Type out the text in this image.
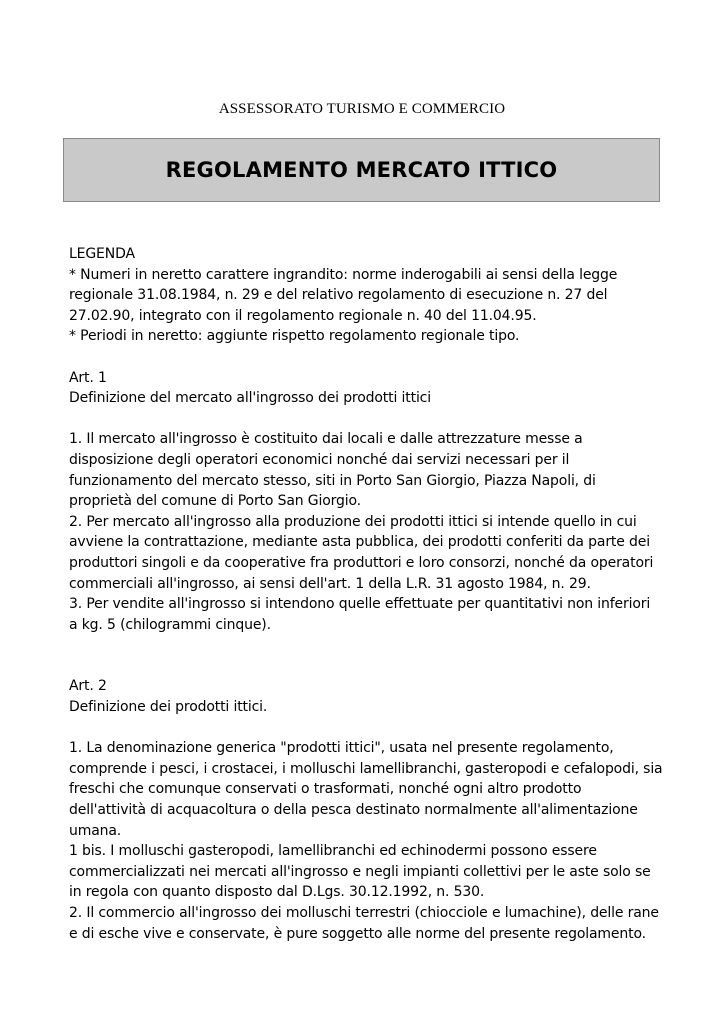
ASSESSORATO TURISMO E COMMERCIO
REGOLAMENTO MERCATO ITTICO
LEGENDA
* Numeri in neretto carattere ingrandito: norme inderogabili ai sensi della legge
regionale 31.08.1984, n. 29 e del relativo regolamento di esecuzione n. 27 del
27.02.90, integrato con il regolamento regionale n. 40 del 11.04.95.
* Periodi in neretto: aggiunte rispetto regolamento regionale tipo.
Art. 1
Definizione del mercato all'ingrosso dei prodotti ittici
1. Il mercato all'ingrosso è costituito dai locali e dalle attrezzature messe a
disposizione degli operatori economici nonché dai servizi necessari per il
funzionamento del mercato stesso, siti in Porto San Giorgio, Piazza Napoli, di
proprietà del comune di Porto San Giorgio.
2. Per mercato all'ingrosso alla produzione dei prodotti ittici si intende quello in cui
avviene la contrattazione, mediante asta pubblica, dei prodotti conferiti da parte dei
produttori singoli e da cooperative fra produttori e loro consorzi, nonché da operatori
commerciali all'ingrosso, ai sensi dell'art. 1 della L.R. 31 agosto 1984, n. 29.
3. Per vendite all'ingrosso si intendono quelle effettuate per quantitativi non inferiori
a kg. 5 (chilogrammi cinque).
Art. 2
Definizione dei prodotti ittici.
1. La denominazione generica "prodotti ittici", usata nel presente regolamento,
comprende i pesci, i crostacei, i molluschi lamellibranchi, gasteropodi e cefalopodi, sia
freschi che comunque conservati o trasformati, nonché ogni altro prodotto
dell'attività di acquacoltura o della pesca destinato normalmente all'alimentazione
umana.
1 bis. I molluschi gasteropodi, lamellibranchi ed echinodermi possono essere
commercializzati nei mercati all'ingrosso e negli impianti collettivi per le aste solo se
in regola con quanto disposto dal D.Lgs. 30.12.1992, n. 530.
2. Il commercio all'ingrosso dei molluschi terrestri (chiocciole e lumachine), delle rane
e di esche vive e conservate, è pure soggetto alle norme del presente regolamento.
